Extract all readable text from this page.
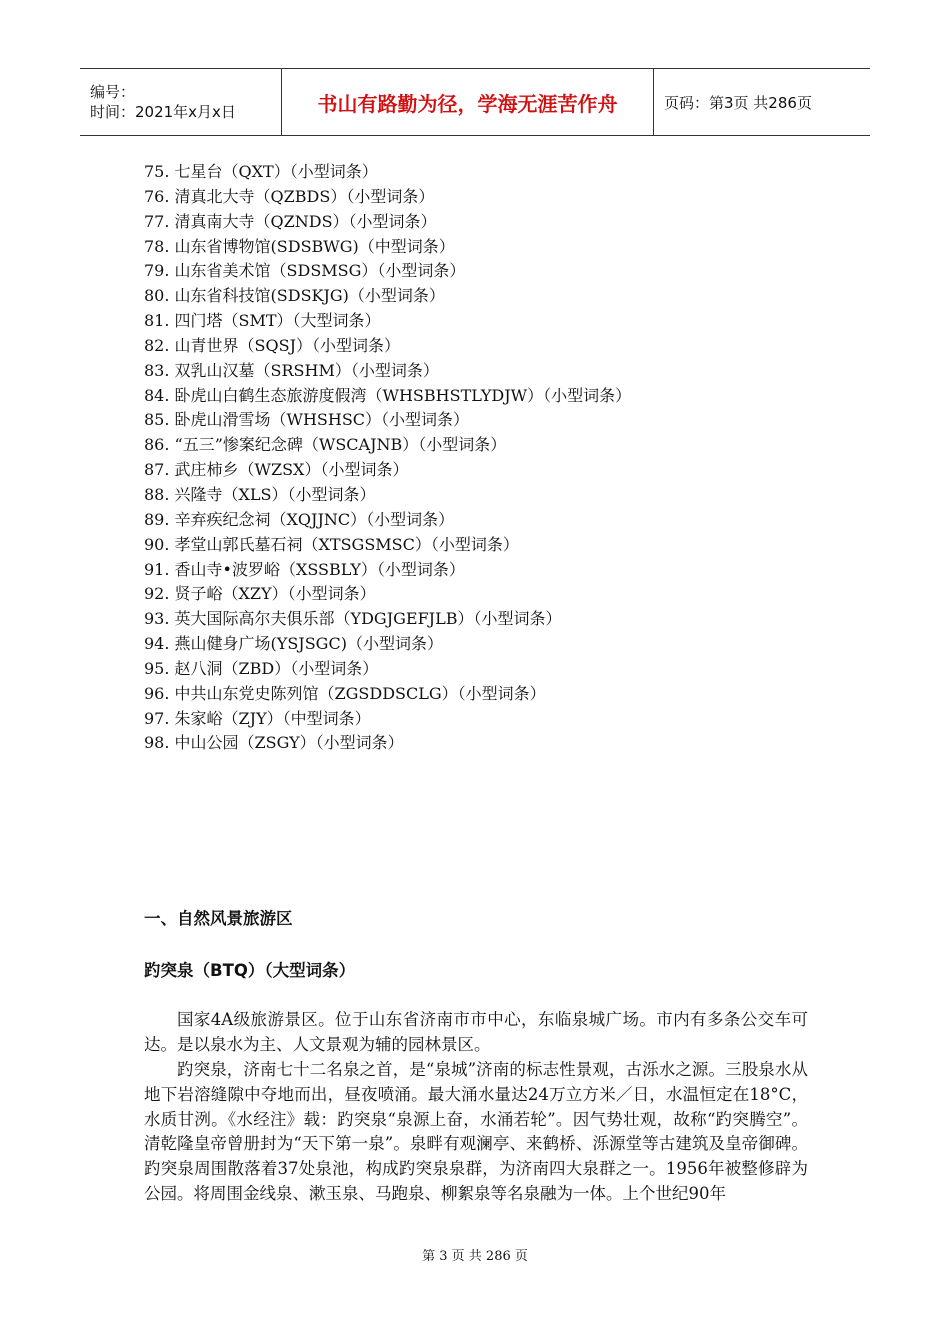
编号：
时间：2021年x月x日	书山有路勤为径，学海无涯苦作舟	页码：第3页 共286页
75. 七星台（QXT）（小型词条）
76. 清真北大寺（QZBDS）（小型词条）
77. 清真南大寺（QZNDS）（小型词条）
78. 山东省博物馆(SDSBWG)（中型词条）
79. 山东省美术馆（SDSMSG）（小型词条）
80. 山东省科技馆(SDSKJG)（小型词条）
81. 四门塔（SMT）（大型词条）
82. 山青世界（SQSJ）（小型词条）
83. 双乳山汉墓（SRSHM）（小型词条）
84. 卧虎山白鹤生态旅游度假湾（WHSBHSTLYDJW）（小型词条）
85. 卧虎山滑雪场（WHSHSC）（小型词条）
86. “五三”惨案纪念碑（WSCAJNB）（小型词条）
87. 武庄柿乡（WZSX）（小型词条）
88. 兴隆寺（XLS）（小型词条）
89. 辛弃疾纪念祠（XQJJNC）（小型词条）
90. 孝堂山郭氏墓石祠（XTSGSMSC）（小型词条）
91. 香山寺•波罗峪（XSSBLY）（小型词条）
92. 贤子峪（XZY）（小型词条）
93. 英大国际高尔夫俱乐部（YDGJGEFJLB）（小型词条）
94. 燕山健身广场(YSJSGC)（小型词条）
95. 赵八洞（ZBD）（小型词条）
96. 中共山东党史陈列馆（ZGSDDSCLG）（小型词条）
97. 朱家峪（ZJY）（中型词条）
98. 中山公园（ZSGY）（小型词条）
一、自然风景旅游区
趵突泉（BTQ）（大型词条）

国家4A级旅游景区。位于山东省济南市市中心，东临泉城广场。市内有多条公交车可达。是以泉水为主、人文景观为辅的园林景区。

趵突泉，济南七十二名泉之首，是“泉城”济南的标志性景观，古泺水之源。三股泉水从地下岩溶缝隙中夺地而出，昼夜喷涌。最大涌水量达24万立方米／日，水温恒定在18°C，水质甘洌。《水经注》载：趵突泉“泉源上奋，水涌若轮”。因气势壮观，故称“趵突腾空”。清乾隆皇帝曾册封为“天下第一泉”。泉畔有观澜亭、来鹤桥、泺源堂等古建筑及皇帝御碑。趵突泉周围散落着37处泉池，构成趵突泉泉群，为济南四大泉群之一。1956年被整修辟为公园。将周围金线泉、漱玉泉、马跑泉、柳絮泉等名泉融为一体。上个世纪90年

第 3 页 共 286 页
